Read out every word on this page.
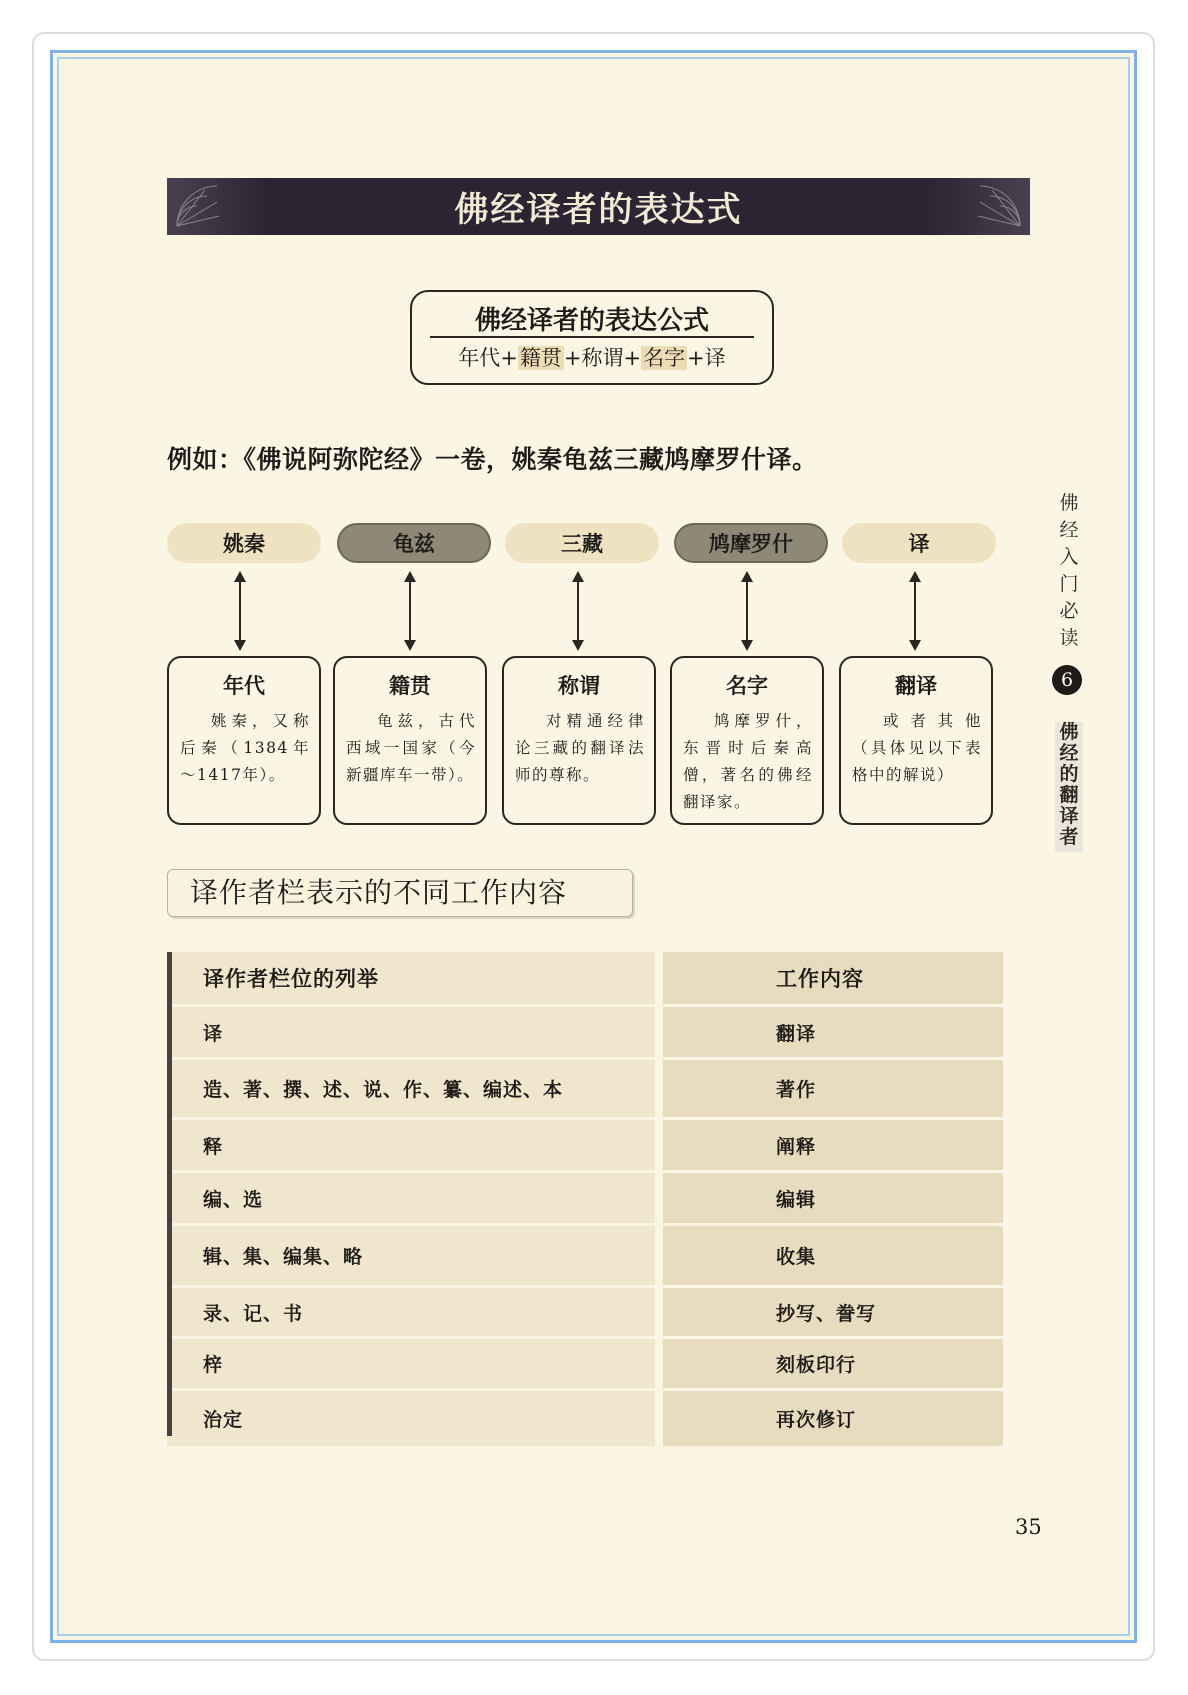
佛经译者的表达式
佛经译者的表达公式
年代+籍贯+称谓+名字+译
例如：《佛说阿弥陀经》一卷，姚秦龟兹三藏鸠摩罗什译。
姚秦	龟兹	三藏	鸠摩罗什	译
年代
姚秦，又称后秦（1384年～1417年）。
籍贯
龟兹，古代西域一国家（今新疆库车一带）。
称谓
对精通经律论三藏的翻译法师的尊称。
名字
鸠摩罗什，东晋时后秦高僧，著名的佛经翻译家。
翻译
或者其他（具体见以下表格中的解说）
佛
经
入
门
必
读
6
佛
经
的
翻
译
者
译作者栏表示的不同工作内容
译作者栏位的列举	工作内容
译	翻译
造、著、撰、述、说、作、纂、编述、本	著作
释	阐释
编、选	编辑
辑、集、编集、略	收集
录、记、书	抄写、誊写
梓	刻板印行
治定	再次修订
35
